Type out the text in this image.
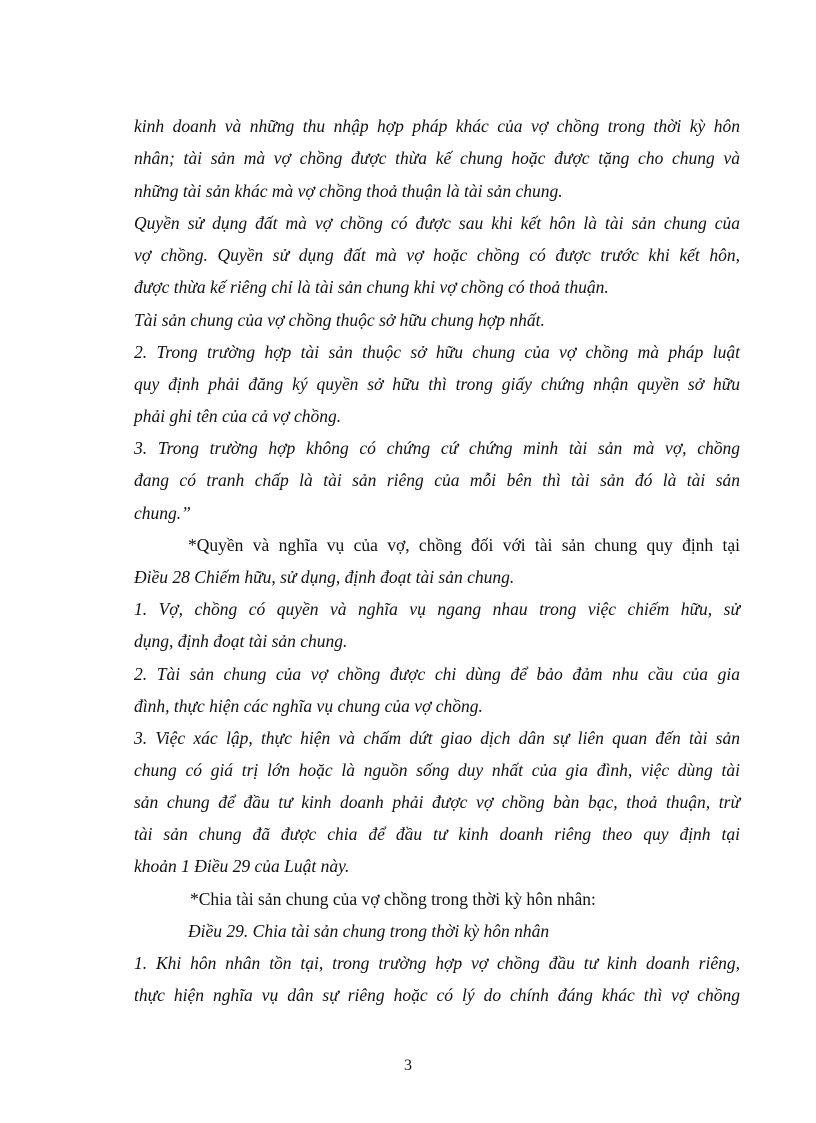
kinh doanh và những thu nhập hợp pháp khác của vợ chồng trong thời kỳ hôn
nhân; tài sản mà vợ chồng được thừa kế chung hoặc được tặng cho chung và
những tài sản khác mà vợ chồng thoả thuận là tài sản chung.
Quyền sử dụng đất mà vợ chồng có được sau khi kết hôn là tài sản chung của
vợ chồng. Quyền sử dụng đất mà vợ hoặc chồng có được trước khi kết hôn,
được thừa kế riêng chỉ là tài sản chung khi vợ chồng có thoả thuận.
Tài sản chung của vợ chồng thuộc sở hữu chung hợp nhất.
2. Trong trường hợp tài sản thuộc sở hữu chung của vợ chồng mà pháp luật
quy định phải đăng ký quyền sở hữu thì trong giấy chứng nhận quyền sở hữu
phải ghi tên của cả vợ chồng.
3. Trong trường hợp không có chứng cứ chứng minh tài sản mà vợ, chồng
đang có tranh chấp là tài sản riêng của mỗi bên thì tài sản đó là tài sản
chung.”
*Quyền và nghĩa vụ của vợ, chồng đối với tài sản chung quy định tại
Điều 28 Chiếm hữu, sử dụng, định đoạt tài sản chung.
1. Vợ, chồng có quyền và nghĩa vụ ngang nhau trong việc chiếm hữu, sử
dụng, định đoạt tài sản chung.
2. Tài sản chung của vợ chồng được chi dùng để bảo đảm nhu cầu của gia
đình, thực hiện các nghĩa vụ chung của vợ chồng.
3. Việc xác lập, thực hiện và chấm dứt giao dịch dân sự liên quan đến tài sản
chung có giá trị lớn hoặc là nguồn sống duy nhất của gia đình, việc dùng tài
sản chung để đầu tư kinh doanh phải được vợ chồng bàn bạc, thoả thuận, trừ
tài sản chung đã được chia để đầu tư kinh doanh riêng theo quy định tại
khoản 1 Điều 29 của Luật này.
*Chia tài sản chung của vợ chồng trong thời kỳ hôn nhân:
Điều 29. Chia tài sản chung trong thời kỳ hôn nhân
1. Khi hôn nhân tồn tại, trong trường hợp vợ chồng đầu tư kinh doanh riêng,
thực hiện nghĩa vụ dân sự riêng hoặc có lý do chính đáng khác thì vợ chồng
3
